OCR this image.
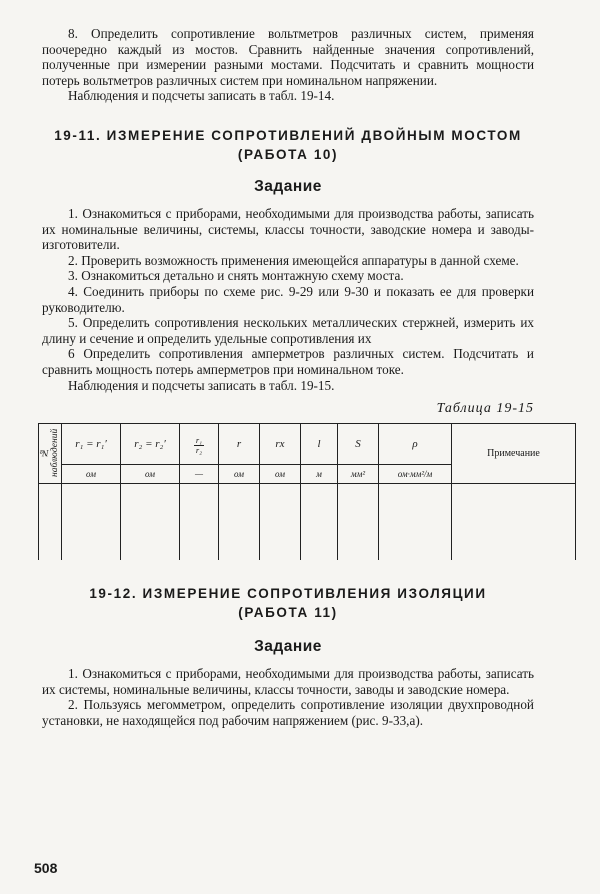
8. Определить сопротивление вольтметров различных систем, применяя поочередно каждый из мостов. Сравнить найденные значения сопротивлений, полученные при измерении разными мостами. Подсчитать и сравнить мощности потерь вольтметров различных систем при номинальном напряжении.

Наблюдения и подсчеты записать в табл. 19-14.

19-11. ИЗМЕРЕНИЕ СОПРОТИВЛЕНИЙ ДВОЙНЫМ МОСТОМ
(РАБОТА 10)
Задание

1. Ознакомиться с приборами, необходимыми для производства работы, записать их номинальные величины, системы, классы точности, заводские номера и заводы-изготовители.

2. Проверить возможность применения имеющейся аппаратуры в данной схеме.

3. Ознакомиться детально и снять монтажную схему моста.

4. Соединить приборы по схеме рис. 9-29 или 9-30 и показать ее для проверки руководителю.

5. Определить сопротивления нескольких металлических стержней, измерить их длину и сечение и определить удельные сопротивления их

6 Определить сопротивления амперметров различных систем. Подсчитать и сравнить мощность потерь амперметров при номинальном токе.

Наблюдения и подсчеты записать в табл. 19-15.

Таблица 19-15
№ наблюдений	r₁ = r₁′	r₂ = r₂′	$\frac{\text{r₁}}{\text{r₂}}$	r	rx	l	S	ρ	Примечание
	ом	ом	—	ом	ом	м	мм²	ом·мм²/м	

19-12. ИЗМЕРЕНИЕ СОПРОТИВЛЕНИЯ ИЗОЛЯЦИИ
(РАБОТА 11)
Задание

1. Ознакомиться с приборами, необходимыми для производства работы, записать их системы, номинальные величины, классы точности, заводы и заводские номера.

2. Пользуясь мегомметром, определить сопротивление изоляции двухпроводной установки, не находящейся под рабочим напряжением (рис. 9-33,а).

508
